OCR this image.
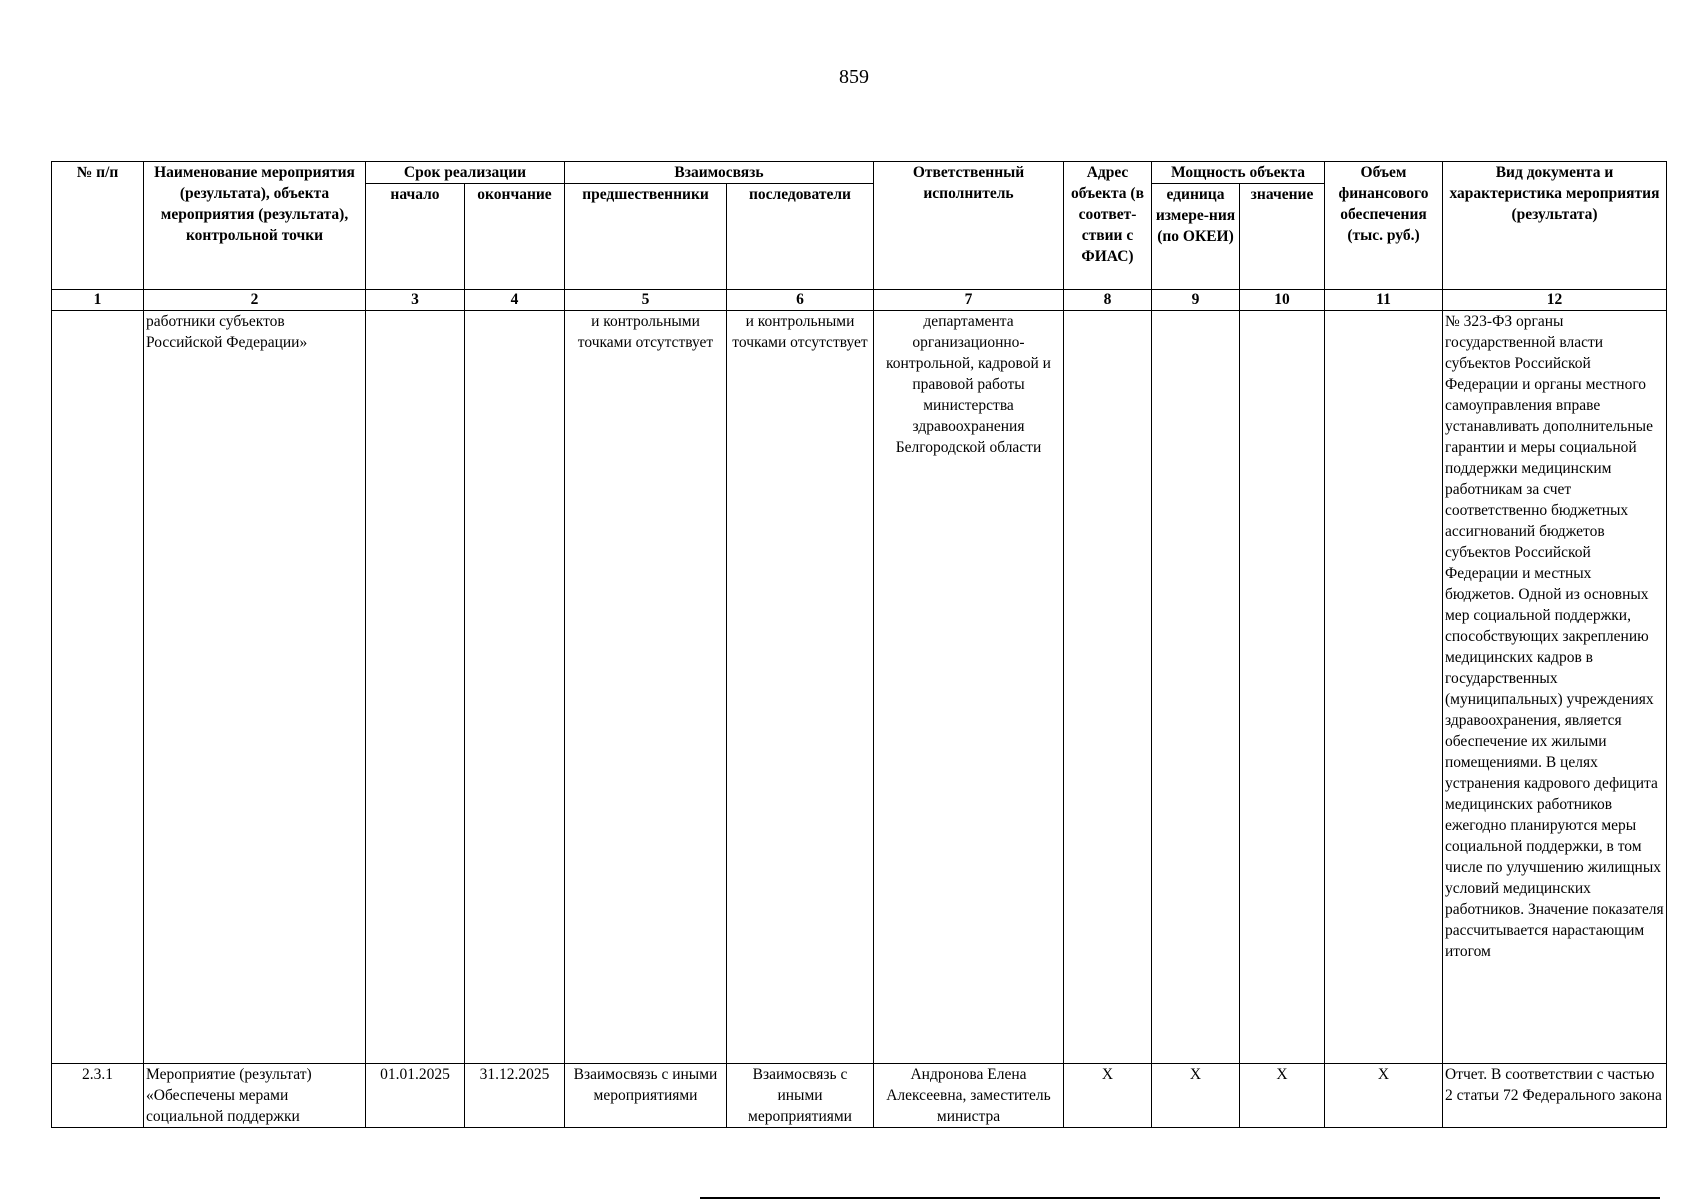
859
№ п/п	Наименование мероприятия (результата), объекта мероприятия (результата), контрольной точки	Срок реализации		Взаимосвязь		Ответственный исполнитель	Адрес объекта (в соответ-ствии с ФИАС)	Мощность объекта		Объем финансового обеспечения (тыс. руб.)	Вид документа и характеристика мероприятия (результата)
		начало	окончание	предшественники	последователи			единица измере-ния (по ОКЕИ)	значение		
1	2	3	4	5	6	7	8	9	10	11	12
	работники субъектов Российской Федерации»			и контрольными точками отсутствует	и контрольными точками отсутствует	департамента организационно-контрольной, кадровой и правовой работы министерства здравоохранения Белгородской области					№ 323-ФЗ органы государственной власти субъектов Российской Федерации и органы местного самоуправления вправе устанавливать дополнительные гарантии и меры социальной поддержки медицинским работникам за счет соответственно бюджетных ассигнований бюджетов субъектов Российской Федерации и местных бюджетов. Одной из основных мер социальной поддержки, способствующих закреплению медицинских кадров в государственных (муниципальных) учреждениях здравоохранения, является обеспечение их жилыми помещениями. В целях устранения кадрового дефицита медицинских работников ежегодно планируются меры социальной поддержки, в том числе по улучшению жилищных условий медицинских работников. Значение показателя рассчитывается нарастающим итогом
2.3.1	Мероприятие (результат) «Обеспечены мерами социальной поддержки	01.01.2025	31.12.2025	Взаимосвязь с иными мероприятиями	Взаимосвязь с иными мероприятиями	Андронова Елена Алексеевна, заместитель министра	X	X	X	X	Отчет. В соответствии с частью 2 статьи 72 Федерального закона
